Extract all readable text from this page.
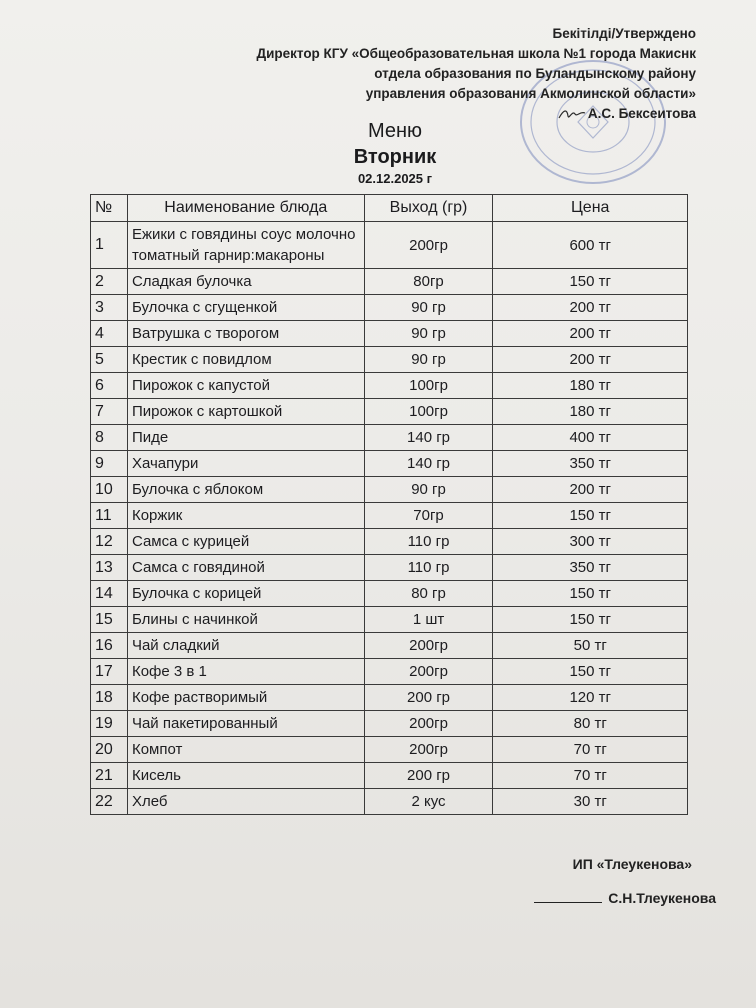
Бекітілді/Утверждено
Директор КГУ «Общеобразовательная школа №1 города Макиснк
отдела образования по Буландынскому району
управления образования Акмолинской области»
А.С. Бексеитова
Меню
Вторник
02.12.2025 г
№	Наименование блюда	Выход (гр)	Цена
1	Ежики с говядины соус молочно томатный гарнир:макароны	200гр	600 тг
2	Сладкая булочка	80гр	150 тг
3	Булочка с сгущенкой	90 гр	200 тг
4	Ватрушка с творогом	90 гр	200 тг
5	Крестик с повидлом	90 гр	200 тг
6	Пирожок с капустой	100гр	180 тг
7	Пирожок с картошкой	100гр	180 тг
8	Пиде	140 гр	400 тг
9	Хачапури	140 гр	350 тг
10	Булочка с яблоком	90 гр	200 тг
11	Коржик	70гр	150 тг
12	Самса с курицей	110 гр	300 тг
13	Самса с говядиной	110 гр	350 тг
14	Булочка с корицей	80 гр	150 тг
15	Блины с начинкой	1 шт	150 тг
16	Чай сладкий	200гр	50 тг
17	Кофе 3 в 1	200гр	150 тг
18	Кофе растворимый	200 гр	120 тг
19	Чай пакетированный	200гр	80 тг
20	Компот	200гр	70 тг
21	Кисель	200 гр	70 тг
22	Хлеб	2 кус	30 тг
ИП «Тлеукенова»
С.Н.Тлеукенова
